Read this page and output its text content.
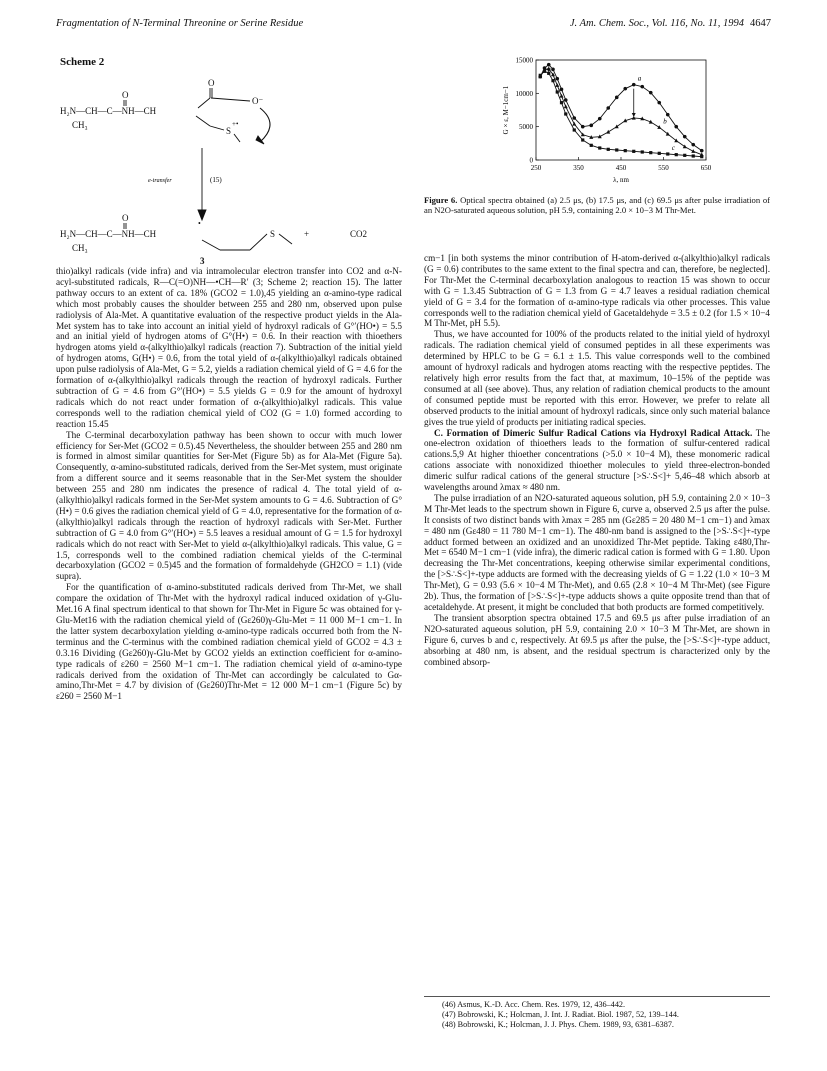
Fragmentation of N-Terminal Threonine or Serine Residue	J. Am. Chem. Soc., Vol. 116, No. 11, 1994 4647
Scheme 2
O
O
H₂N—CH—C—NH—CH
CH₃
O⁻
S
+•
e-transfer	(15)
O
H₂N—CH—C—NH—CH
CH₃
•
S	+	CO2
3

thio)alkyl radicals (vide infra) and via intramolecular electron transfer into CO2 and α-N-acyl-substituted radicals, R—C(=O)NH—•CH—R′ (3; Scheme 2; reaction 15). The latter pathway occurs to an extent of ca. 18% (GCO2 = 1.0),45 yielding an α-amino-type radical which most probably causes the shoulder between 255 and 280 nm, observed upon pulse radiolysis of Ala-Met. A quantitative evaluation of the respective product yields in the Ala-Met system has to take into account an initial yield of hydroxyl radicals of G°′(HO•) = 5.5 and an initial yield of hydrogen atoms of G°(H•) = 0.6. In their reaction with thioethers hydrogen atoms yield α-(alkylthio)alkyl radicals (reaction 7). Subtraction of the initial yield of hydrogen atoms, G(H•) = 0.6, from the total yield of α-(alkylthio)alkyl radicals obtained upon pulse radiolysis of Ala-Met, G = 5.2, yields a radiation chemical yield of G = 4.6 for the formation of α-(alkylthio)alkyl radicals through the reaction of hydroxyl radicals. Further subtraction of G = 4.6 from G°′(HO•) = 5.5 yields G = 0.9 for the amount of hydroxyl radicals which do not react under formation of α-(alkylthio)alkyl radicals. This value corresponds well to the radiation chemical yield of CO2 (G = 1.0) formed according to reaction 15.45

The C-terminal decarboxylation pathway has been shown to occur with much lower efficiency for Ser-Met (GCO2 = 0.5).45 Nevertheless, the shoulder between 255 and 280 nm is formed in almost similar quantities for Ser-Met (Figure 5b) as for Ala-Met (Figure 5a). Consequently, α-amino-substituted radicals, derived from the Ser-Met system, must originate from a different source and it seems reasonable that in the Ser-Met system the shoulder between 255 and 280 nm indicates the presence of radical 4. The total yield of α-(alkylthio)alkyl radicals formed in the Ser-Met system amounts to G = 4.6. Subtraction of G°(H•) = 0.6 gives the radiation chemical yield of G = 4.0, representative for the formation of α-(alkylthio)alkyl radicals through the reaction of hydroxyl radicals with Ser-Met. Further subtraction of G = 4.0 from G°′(HO•) = 5.5 leaves a residual amount of G = 1.5 for hydroxyl radicals which do not react with Ser-Met to yield α-(alkylthio)alkyl radicals. This value, G = 1.5, corresponds well to the combined radiation chemical yields of the C-terminal decarboxylation (GCO2 = 0.5)45 and the formation of formaldehyde (GH2CO = 1.1) (vide supra).

For the quantification of α-amino-substituted radicals derived from Thr-Met, we shall compare the oxidation of Thr-Met with the hydroxyl radical induced oxidation of γ-Glu-Met.16 A final spectrum identical to that shown for Thr-Met in Figure 5c was obtained for γ-Glu-Met16 with the radiation chemical yield of (Gε260)γ-Glu-Met = 11 000 M−1 cm−1. In the latter system decarboxylation yielding α-amino-type radicals occurred both from the N-terminus and the C-terminus with the combined radiation chemical yield of GCO2 = 4.3 ± 0.3.16 Dividing (Gε260)γ-Glu-Met by GCO2 yields an extinction coefficient for α-amino-type radicals of ε260 = 2560 M−1 cm−1. The radiation chemical yield of α-amino-type radicals derived from the oxidation of Thr-Met can accordingly be calculated to Gα-amino,Thr-Met = 4.7 by division of (Gε260)Thr-Met = 12 000 M−1 cm−1 (Figure 5c) by ε260 = 2560 M−1

250	350	450	550	650
0
5000
10000
15000
λ, nm
G × ε, M−1cm−1
a
b
c
Figure 6. Optical spectra obtained (a) 2.5 μs, (b) 17.5 μs, and (c) 69.5 μs after pulse irradiation of an N2O-saturated aqueous solution, pH 5.9, containing 2.0 × 10−3 M Thr-Met.

cm−1 [in both systems the minor contribution of H-atom-derived α-(alkylthio)alkyl radicals (G = 0.6) contributes to the same extent to the final spectra and can, therefore, be neglected]. For Thr-Met the C-terminal decarboxylation analogous to reaction 15 was shown to occur with G = 1.3.45 Subtraction of G = 1.3 from G = 4.7 leaves a residual radiation chemical yield of G = 3.4 for the formation of α-amino-type radicals via other processes. This value corresponds well to the radiation chemical yield of Gacetaldehyde = 3.5 ± 0.2 (for 1.5 × 10−4 M Thr-Met, pH 5.5).

Thus, we have accounted for 100% of the products related to the initial yield of hydroxyl radicals. The radiation chemical yield of consumed peptides in all these experiments was determined by HPLC to be G = 6.1 ± 1.5. This value corresponds well to the combined amount of hydroxyl radicals and hydrogen atoms reacting with the respective peptides. The relatively high error results from the fact that, at maximum, 10–15% of the peptide was consumed at all (see above). Thus, any relation of radiation chemical products to the amount of consumed peptide must be reported with this error. However, we prefer to relate all observed products to the initial amount of hydroxyl radicals, since only such material balance gives the true yield of products per initiating radical species.

C. Formation of Dimeric Sulfur Radical Cations via Hydroxyl Radical Attack. The one-electron oxidation of thioethers leads to the formation of sulfur-centered radical cations.5,9 At higher thioether concentrations (>5.0 × 10−4 M), these monomeric radical cations associate with nonoxidized thioether molecules to yield three-electron-bonded dimeric sulfur radical cations of the general structure [>S∴S<]+ 5,46–48 which absorb at wavelengths around λmax ≈ 480 nm.

The pulse irradiation of an N2O-saturated aqueous solution, pH 5.9, containing 2.0 × 10−3 M Thr-Met leads to the spectrum shown in Figure 6, curve a, observed 2.5 μs after the pulse. It consists of two distinct bands with λmax = 285 nm (Gε285 = 20 480 M−1 cm−1) and λmax = 480 nm (Gε480 = 11 780 M−1 cm−1). The 480-nm band is assigned to the [>S∴S<]+-type adduct formed between an oxidized and an unoxidized Thr-Met peptide. Taking ε480,Thr-Met = 6540 M−1 cm−1 (vide infra), the dimeric radical cation is formed with G = 1.80. Upon decreasing the Thr-Met concentrations, keeping otherwise similar experimental conditions, the [>S∴S<]+-type adducts are formed with the decreasing yields of G = 1.22 (1.0 × 10−3 M Thr-Met), G = 0.93 (5.6 × 10−4 M Thr-Met), and 0.65 (2.8 × 10−4 M Thr-Met) (see Figure 2b). Thus, the formation of [>S∴S<]+-type adducts shows a quite opposite trend than that of acetaldehyde. At present, it might be concluded that both products are formed competitively.

The transient absorption spectra obtained 17.5 and 69.5 μs after pulse irradiation of an N2O-saturated aqueous solution, pH 5.9, containing 2.0 × 10−3 M Thr-Met, are shown in Figure 6, curves b and c, respectively. At 69.5 μs after the pulse, the [>S∴S<]+-type adduct, absorbing at 480 nm, is absent, and the residual spectrum is characterized only by the combined absorp-

(46) Asmus, K.-D. Acc. Chem. Res. 1979, 12, 436–442.
(47) Bobrowski, K.; Holcman, J. Int. J. Radiat. Biol. 1987, 52, 139–144.
(48) Bobrowski, K.; Holcman, J. J. Phys. Chem. 1989, 93, 6381–6387.
